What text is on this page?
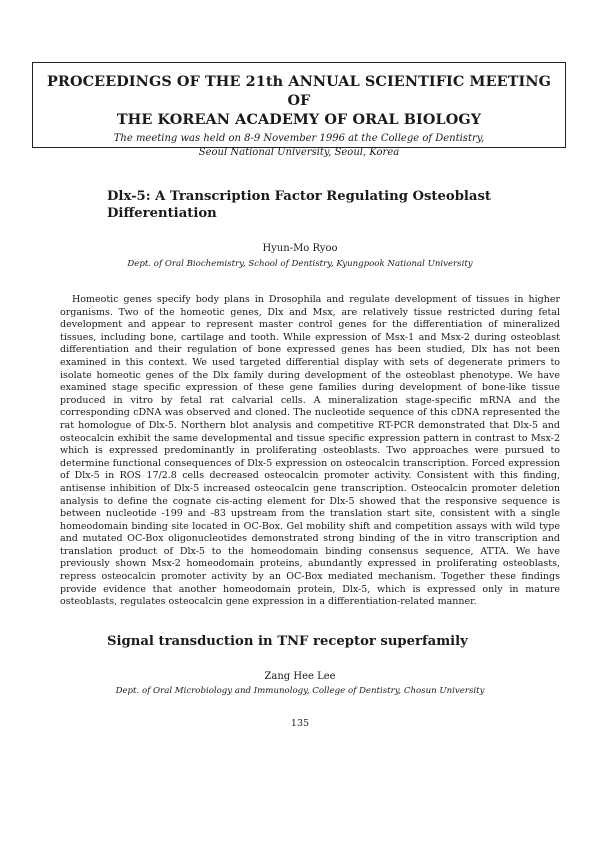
PROCEEDINGS OF THE 21th ANNUAL SCIENTIFIC MEETING OF
THE KOREAN ACADEMY OF ORAL BIOLOGY
The meeting was held on 8-9 November 1996 at the College of Dentistry,
Seoul National University, Seoul, Korea
Dlx-5: A Transcription Factor Regulating Osteoblast Differentiation
Hyun-Mo Ryoo
Dept. of Oral Biochemistry, School of Dentistry, Kyungpook National University
Homeotic genes specify body plans in Drosophila and regulate development of tissues in higher organisms. Two of the homeotic genes, Dlx and Msx, are relatively tissue restricted during fetal development and appear to represent master control genes for the differentiation of mineralized tissues, including bone, cartilage and tooth. While expression of Msx-1 and Msx-2 during osteoblast differentiation and their regulation of bone expressed genes has been studied, Dlx has not been examined in this context. We used targeted differential display with sets of degenerate primers to isolate homeotic genes of the Dlx family during development of the osteoblast phenotype. We have examined stage specific expression of these gene families during development of bone-like tissue produced in vitro by fetal rat calvarial cells. A mineralization stage-specific mRNA and the corresponding cDNA was observed and cloned. The nucleotide sequence of this cDNA represented the rat homologue of Dlx-5. Northern blot analysis and competitive RT-PCR demonstrated that Dlx-5 and osteocalcin exhibit the same developmental and tissue specific expression pattern in contrast to Msx-2 which is expressed predominantly in proliferating osteoblasts. Two approaches were pursued to determine functional consequences of Dlx-5 expression on osteocalcin transcription. Forced expression of Dlx-5 in ROS 17/2.8 cells decreased osteocalcin promoter activity. Consistent with this finding, antisense inhibition of Dlx-5 increased osteocalcin gene transcription. Osteocalcin promoter deletion analysis to define the cognate cis-acting element for Dlx-5 showed that the responsive sequence is between nucleotide -199 and -83 upstream from the translation start site, consistent with a single homeodomain binding site located in OC-Box. Gel mobility shift and competition assays with wild type and mutated OC-Box oligonucleotides demonstrated strong binding of the in vitro transcription and translation product of Dlx-5 to the homeodomain binding consensus sequence, ATTA. We have previously shown Msx-2 homeodomain proteins, abundantly expressed in proliferating osteoblasts, repress osteocalcin promoter activity by an OC-Box mediated mechanism. Together these findings provide evidence that another homeodomain protein, Dlx-5, which is expressed only in mature osteoblasts, regulates osteocalcin gene expression in a differentiation-related manner.
Signal transduction in TNF receptor superfamily
Zang Hee Lee
Dept. of Oral Microbiology and Immunology, College of Dentistry, Chosun University
135
